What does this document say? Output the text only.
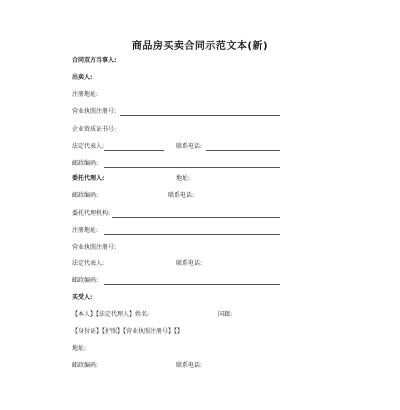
商品房买卖合同示范文本(新)
合同双方当事人:
出卖人:
注册地址:
营业执照注册号:
企业资质证书号:
法定代表人:	联系电话:
邮政编码:
委托代理人:	地址:
邮政编码:	联系电话:
委托代理机构:
注册地址:
营业执照注册号:
法定代表人:	联系电话:
邮政编码:
买受人:
【本人】【法定代理人】姓名:	国籍:
【身份证】【护照】【营业执照注册号】【】
地址:
邮政编码:	联系电话:
